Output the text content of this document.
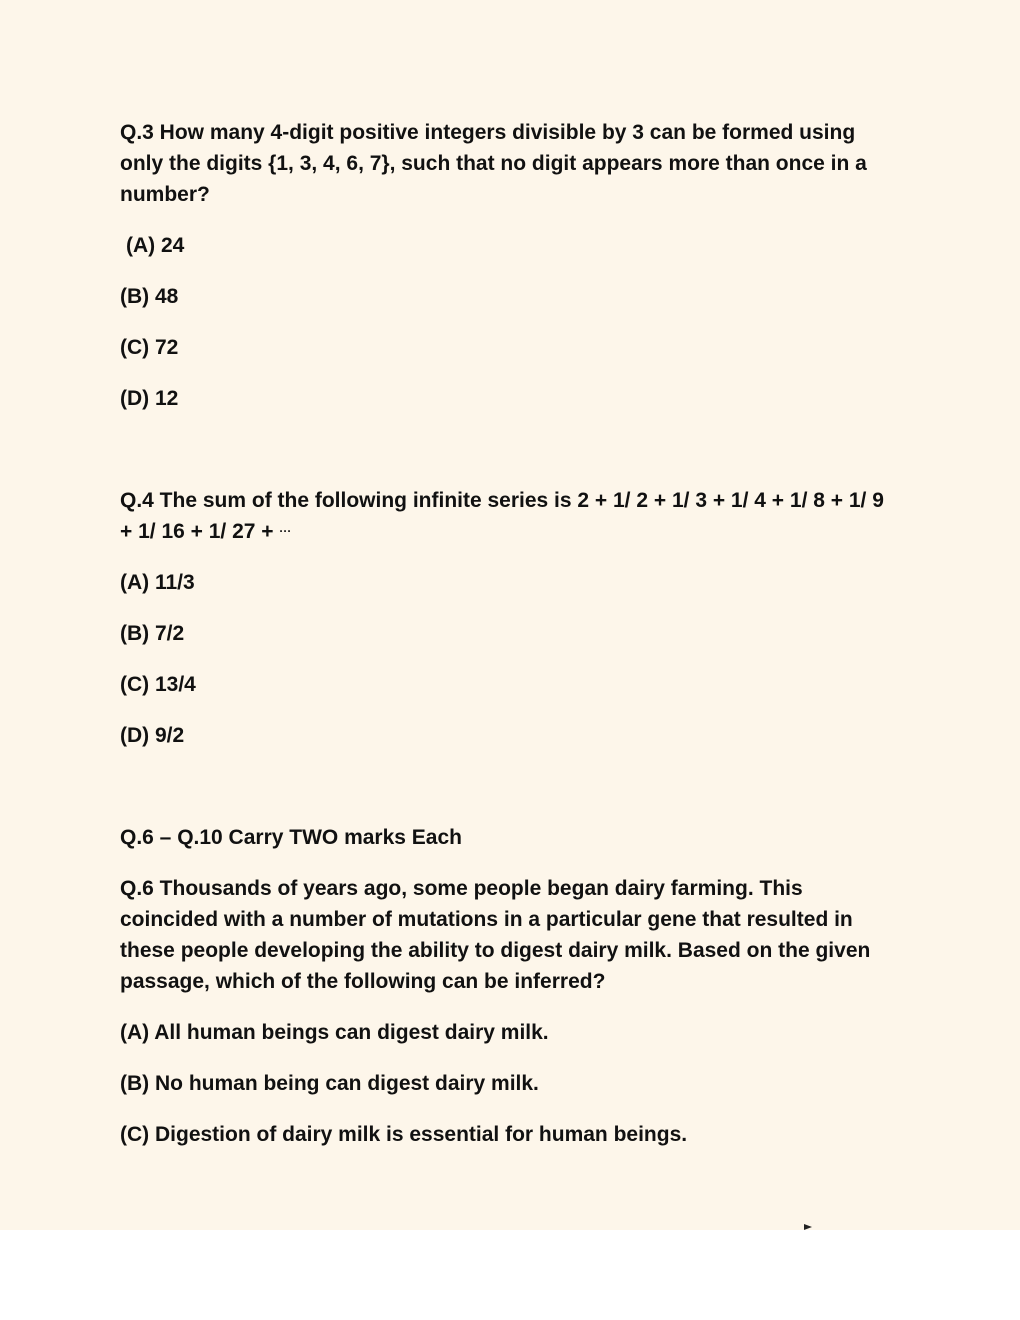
Q.3 How many 4-digit positive integers divisible by 3 can be formed using only the digits {1, 3, 4, 6, 7}, such that no digit appears more than once in a number?
(A) 24
(B) 48
(C) 72
(D) 12
Q.4 The sum of the following infinite series is 2 + 1/ 2 + 1/ 3 + 1/ 4 + 1/ 8 + 1/ 9 + 1/ 16 + 1/ 27 + ···
(A) 11/3
(B) 7/2
(C) 13/4
(D) 9/2
Q.6 – Q.10 Carry TWO marks Each
Q.6 Thousands of years ago, some people began dairy farming. This coincided with a number of mutations in a particular gene that resulted in these people developing the ability to digest dairy milk. Based on the given passage, which of the following can be inferred?
(A) All human beings can digest dairy milk.
(B) No human being can digest dairy milk.
(C) Digestion of dairy milk is essential for human beings.
